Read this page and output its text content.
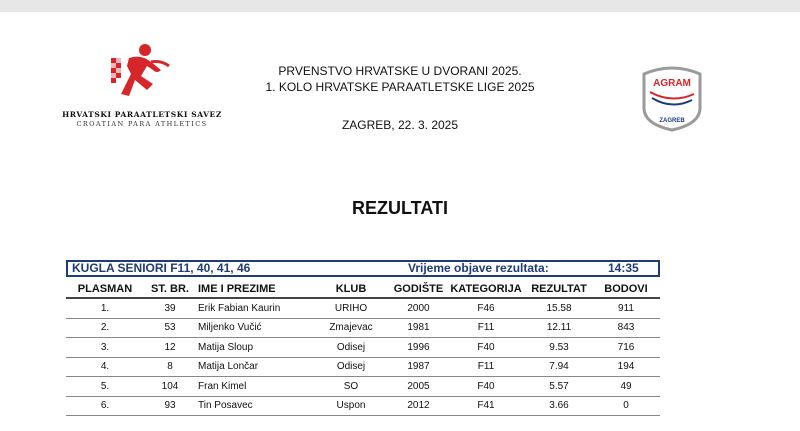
HRVATSKI PARAATLETSKI SAVEZ
CROATIAN PARA ATHLETICS
PRVENSTVO HRVATSKE U DVORANI 2025.
1. KOLO HRVATSKE PARAATLETSKE LIGE 2025
ZAGREB, 22. 3. 2025
AGRAM
ZAGREB
REZULTATI
KUGLA SENIORI F11, 40, 41, 46	Vrijeme objave rezultata:	14:35
PLASMAN	ST. BR.	IME I PREZIME	KLUB	GODIŠTE	KATEGORIJA	REZULTAT	BODOVI
1.	39	Erik Fabian Kaurin	URIHO	2000	F46	15.58	911
2.	53	Miljenko Vučić	Zmajevac	1981	F11	12.11	843
3.	12	Matija Sloup	Odisej	1996	F40	9.53	716
4.	8	Matija Lončar	Odisej	1987	F11	7.94	194
5.	104	Fran Kimel	SO	2005	F40	5.57	49
6.	93	Tin Posavec	Uspon	2012	F41	3.66	0
